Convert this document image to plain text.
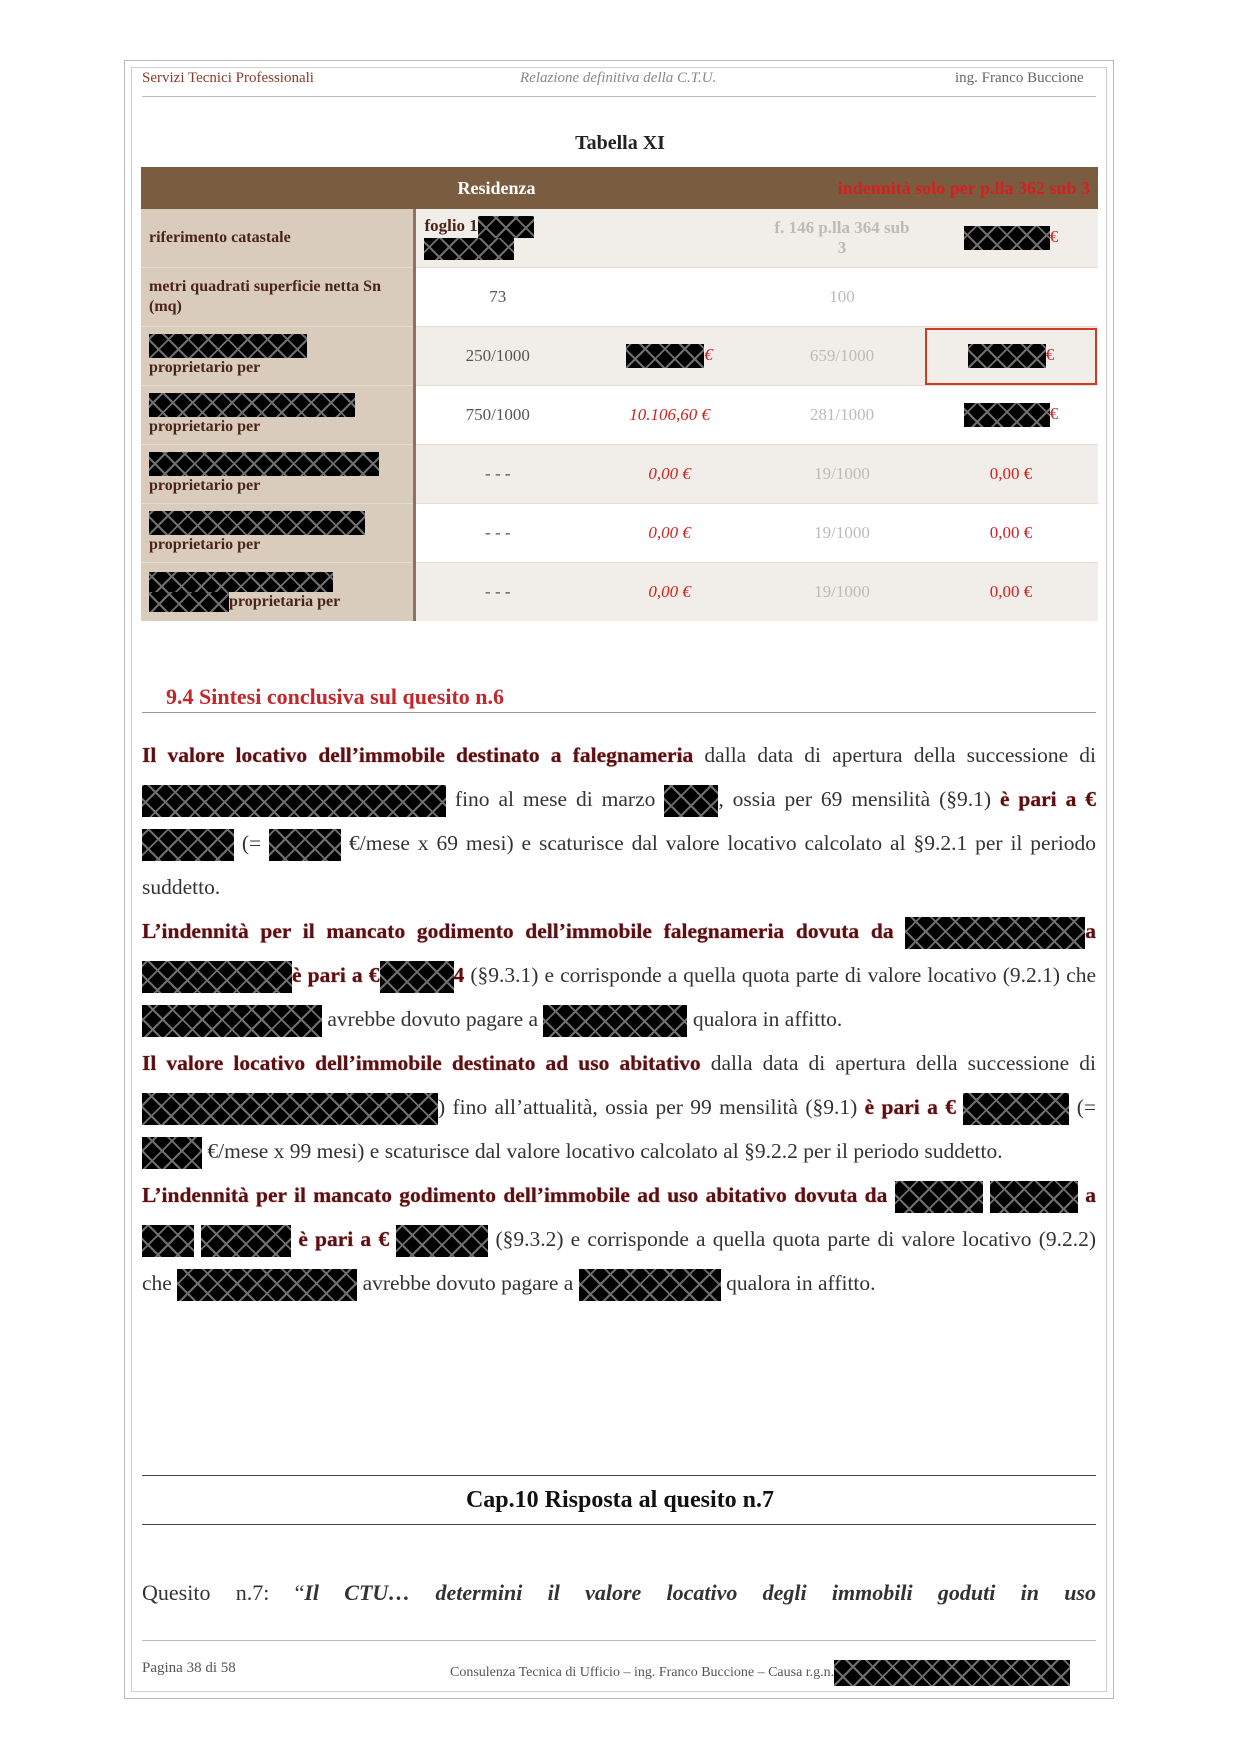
Servizi Tecnici Professionali	Relazione definitiva della C.T.U.	ing. Franco Buccione
Tabella XI
Residenza			indennità solo per p.lla 362 sub 3	
riferimento catastale	foglio 1		f. 146 p.lla 364 sub 3	€
metri quadrati superficie netta Sn (mq)	73		100	

proprietario per	250/1000	€	659/1000	€

proprietario per	750/1000	10.106,60 €	281/1000	€

proprietario per	- - -	0,00 €	19/1000	0,00 €

proprietario per	- - -	0,00 €	19/1000	0,00 €

proprietaria per	- - -	0,00 €	19/1000	0,00 €
9.4 Sintesi conclusiva sul quesito n.6

Il valore locativo dell’immobile destinato a falegnameria dalla data di apertura della successione di  fino al mese di marzo	, ossia per 69 mensilità (§9.1) è pari a €  (=	€/mese x 69 mesi) e scaturisce dal valore locativo calcolato al §9.2.1 per il periodo suddetto.

L’indennità per il mancato godimento dell’immobile falegnameria dovuta da	a è pari a €	4 (§9.3.1) e corrisponde a quella quota parte di valore locativo (9.2.1) che  avrebbe dovuto pagare a	qualora in affitto.

Il valore locativo dell’immobile destinato ad uso abitativo dalla data di apertura della successione di ) fino all’attualità, ossia per 99 mensilità (§9.1) è pari a €	(=  €/mese x 99 mesi) e scaturisce dal valore locativo calcolato al §9.2.2 per il periodo suddetto.

L’indennità per il mancato godimento dell’immobile ad uso abitativo dovuta da	a   è pari a €	(§9.3.2) e corrisponde a quella quota parte di valore locativo (9.2.2) che	avrebbe dovuto pagare a	qualora in affitto.

Cap.10 Risposta al quesito n.7
Quesito n.7: “Il CTU… determini il valore locativo degli immobili goduti in uso
Pagina 38 di 58	Consulenza Tecnica di Ufficio – ing. Franco Buccione – Causa r.g.n.
